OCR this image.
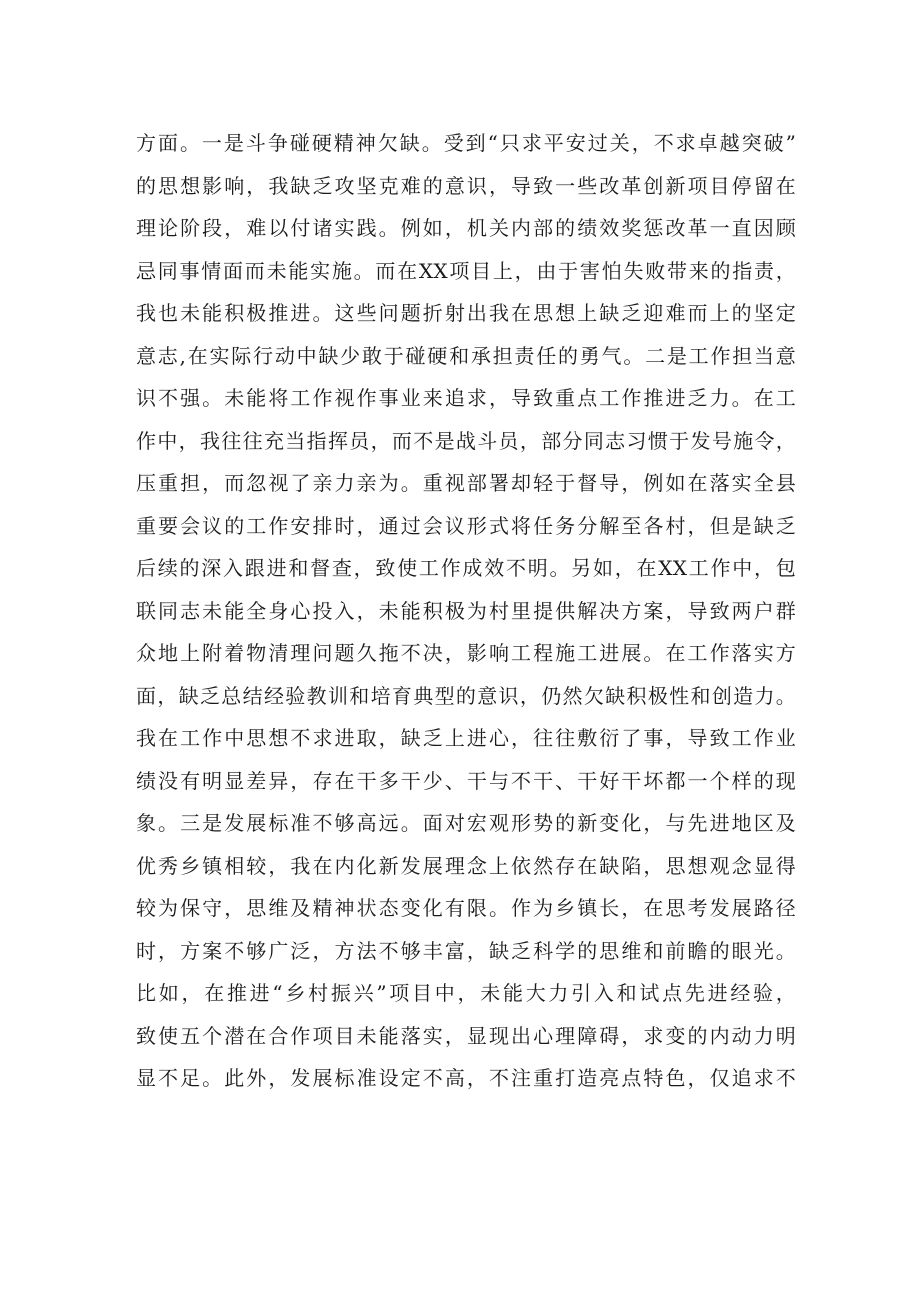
方面。一是斗争碰硬精神欠缺。受到“只求平安过关，不求卓越突破”
的思想影响，我缺乏攻坚克难的意识，导致一些改革创新项目停留在
理论阶段，难以付诸实践。例如，机关内部的绩效奖惩改革一直因顾
忌同事情面而未能实施。而在XX项目上，由于害怕失败带来的指责，
我也未能积极推进。这些问题折射出我在思想上缺乏迎难而上的坚定
意志,在实际行动中缺少敢于碰硬和承担责任的勇气。二是工作担当意
识不强。未能将工作视作事业来追求，导致重点工作推进乏力。在工
作中，我往往充当指挥员，而不是战斗员，部分同志习惯于发号施令，
压重担，而忽视了亲力亲为。重视部署却轻于督导，例如在落实全县
重要会议的工作安排时，通过会议形式将任务分解至各村，但是缺乏
后续的深入跟进和督查，致使工作成效不明。另如，在XX工作中，包
联同志未能全身心投入，未能积极为村里提供解决方案，导致两户群
众地上附着物清理问题久拖不决，影响工程施工进展。在工作落实方
面，缺乏总结经验教训和培育典型的意识，仍然欠缺积极性和创造力。
我在工作中思想不求进取，缺乏上进心，往往敷衍了事，导致工作业
绩没有明显差异，存在干多干少、干与不干、干好干坏都一个样的现
象。三是发展标准不够高远。面对宏观形势的新变化，与先进地区及
优秀乡镇相较，我在内化新发展理念上依然存在缺陷，思想观念显得
较为保守，思维及精神状态变化有限。作为乡镇长，在思考发展路径
时，方案不够广泛，方法不够丰富，缺乏科学的思维和前瞻的眼光。
比如，在推进“乡村振兴”项目中，未能大力引入和试点先进经验，
致使五个潜在合作项目未能落实，显现出心理障碍，求变的内动力明
显不足。此外，发展标准设定不高，不注重打造亮点特色，仅追求不
